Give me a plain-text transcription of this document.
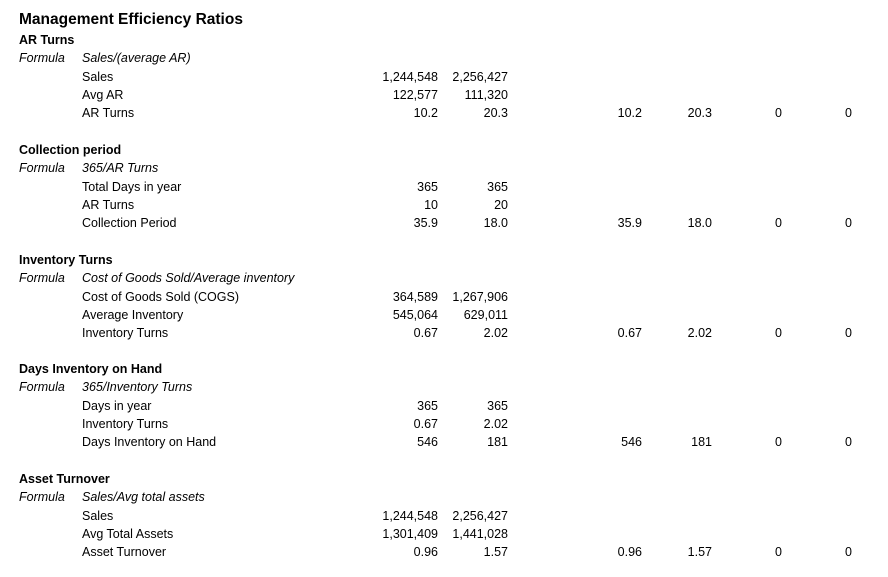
Management Efficiency Ratios
AR Turns
Formula Sales/(average AR)
Sales	1,244,548	2,256,427
Avg AR	122,577	111,320
AR Turns	10.2	20.3	10.2	20.3	0	0
Collection period
Formula 365/AR Turns
Total Days in year	365	365
AR Turns	10	20
Collection Period	35.9	18.0	35.9	18.0	0	0
Inventory Turns
Formula Cost of Goods Sold/Average inventory
Cost of Goods Sold (COGS)	364,589	1,267,906
Average Inventory	545,064	629,011
Inventory Turns	0.67	2.02	0.67	2.02	0	0
Days Inventory on Hand
Formula 365/Inventory Turns
Days in year	365	365
Inventory Turns	0.67	2.02
Days Inventory on Hand	546	181	546	181	0	0
Asset Turnover
Formula Sales/Avg total assets
Sales	1,244,548	2,256,427
Avg Total Assets	1,301,409	1,441,028
Asset Turnover	0.96	1.57	0.96	1.57	0	0
